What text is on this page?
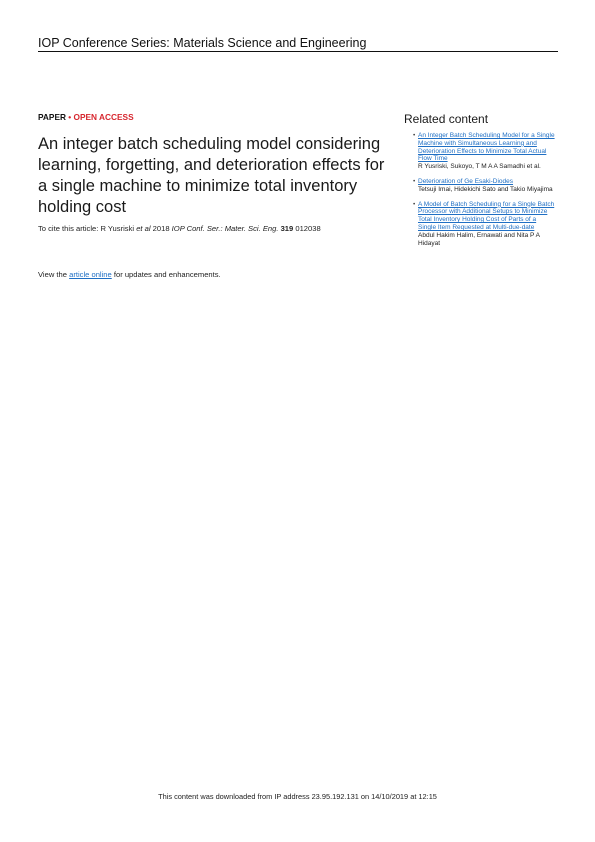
IOP Conference Series: Materials Science and Engineering
PAPER • OPEN ACCESS
An integer batch scheduling model considering learning, forgetting, and deterioration effects for a single machine to minimize total inventory holding cost
To cite this article: R Yusriski et al 2018 IOP Conf. Ser.: Mater. Sci. Eng. 319 012038
View the article online for updates and enhancements.
Related content
• An Integer Batch Scheduling Model for a Single Machine with Simultaneous Learning and Deterioration Effects to Minimize Total Actual Flow Time
R Yusriski, Sukoyo, T M A A Samadhi et al.
• Deterioration of Ge Esaki-Diodes
Tetsuji Imai, Hidekichi Sato and Takio Miyajima
• A Model of Batch Scheduling for a Single Batch Processor with Additional Setups to Minimize Total Inventory Holding Cost of Parts of a Single Item Requested at Multi-due-date
Abdul Hakim Halim, Ernawati and Nita P A Hidayat
This content was downloaded from IP address 23.95.192.131 on 14/10/2019 at 12:15
